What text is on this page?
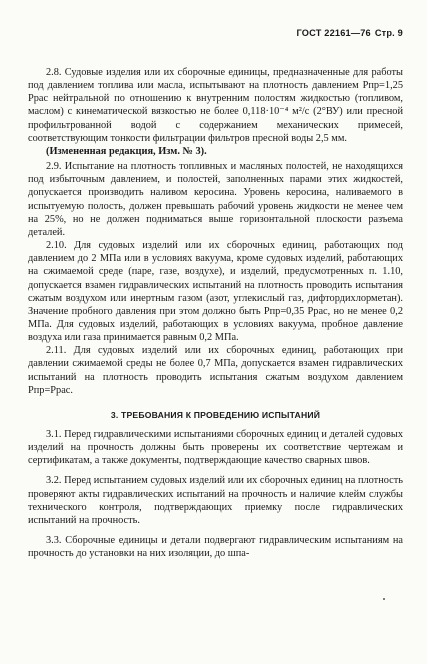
ГОСТ 22161—76 Стр. 9

2.8. Судовые изделия или их сборочные единицы, предназначенные для работы под давлением топлива или масла, испытывают на плотность давлением Pпр=1,25 Pрас нейтральной по отношению к внутренним полостям жидкостью (топливом, маслом) с кинематической вязкостью не более 0,118·10⁻⁴ м²/с (2°ВУ) или пресной профильтрованной водой с содержанием механических примесей, соответствующим тонкости фильтрации фильтров пресной воды 2,5 мм.

(Измененная редакция, Изм. № 3).

2.9. Испытание на плотность топливных и масляных полостей, не находящихся под избыточным давлением, и полостей, заполненных парами этих жидкостей, допускается производить наливом керосина. Уровень керосина, наливаемого в испытуемую полость, должен превышать рабочий уровень жидкости не менее чем на 25%, но не должен подниматься выше горизонтальной плоскости разъема деталей.

2.10. Для судовых изделий или их сборочных единиц, работающих под давлением до 2 МПа или в условиях вакуума, кроме судовых изделий, работающих на сжимаемой среде (паре, газе, воздухе), и изделий, предусмотренных п. 1.10, допускается взамен гидравлических испытаний на плотность проводить испытания сжатым воздухом или инертным газом (азот, углекислый газ, дифтордихлорметан). Значение пробного давления при этом должно быть Pпр=0,35 Pрас, но не менее 0,2 МПа. Для судовых изделий, работающих в условиях вакуума, пробное давление воздуха или газа принимается равным 0,2 МПа.

2.11. Для судовых изделий или их сборочных единиц, работающих при давлении сжимаемой среды не более 0,7 МПа, допускается взамен гидравлических испытаний на плотность проводить испытания сжатым воздухом давлением Pпр=Pрас.

3. ТРЕБОВАНИЯ К ПРОВЕДЕНИЮ ИСПЫТАНИЙ

3.1. Перед гидравлическими испытаниями сборочных единиц и деталей судовых изделий на прочность должны быть проверены их соответствие чертежам и сертификатам, а также документы, подтверждающие качество сварных швов.

3.2. Перед испытанием судовых изделий или их сборочных единиц на плотность проверяют акты гидравлических испытаний на прочность и наличие клейм службы технического контроля, подтверждающих приемку после гидравлических испытаний на прочность.

3.3. Сборочные единицы и детали подвергают гидравлическим испытаниям на прочность до установки на них изоляции, до шпа-
